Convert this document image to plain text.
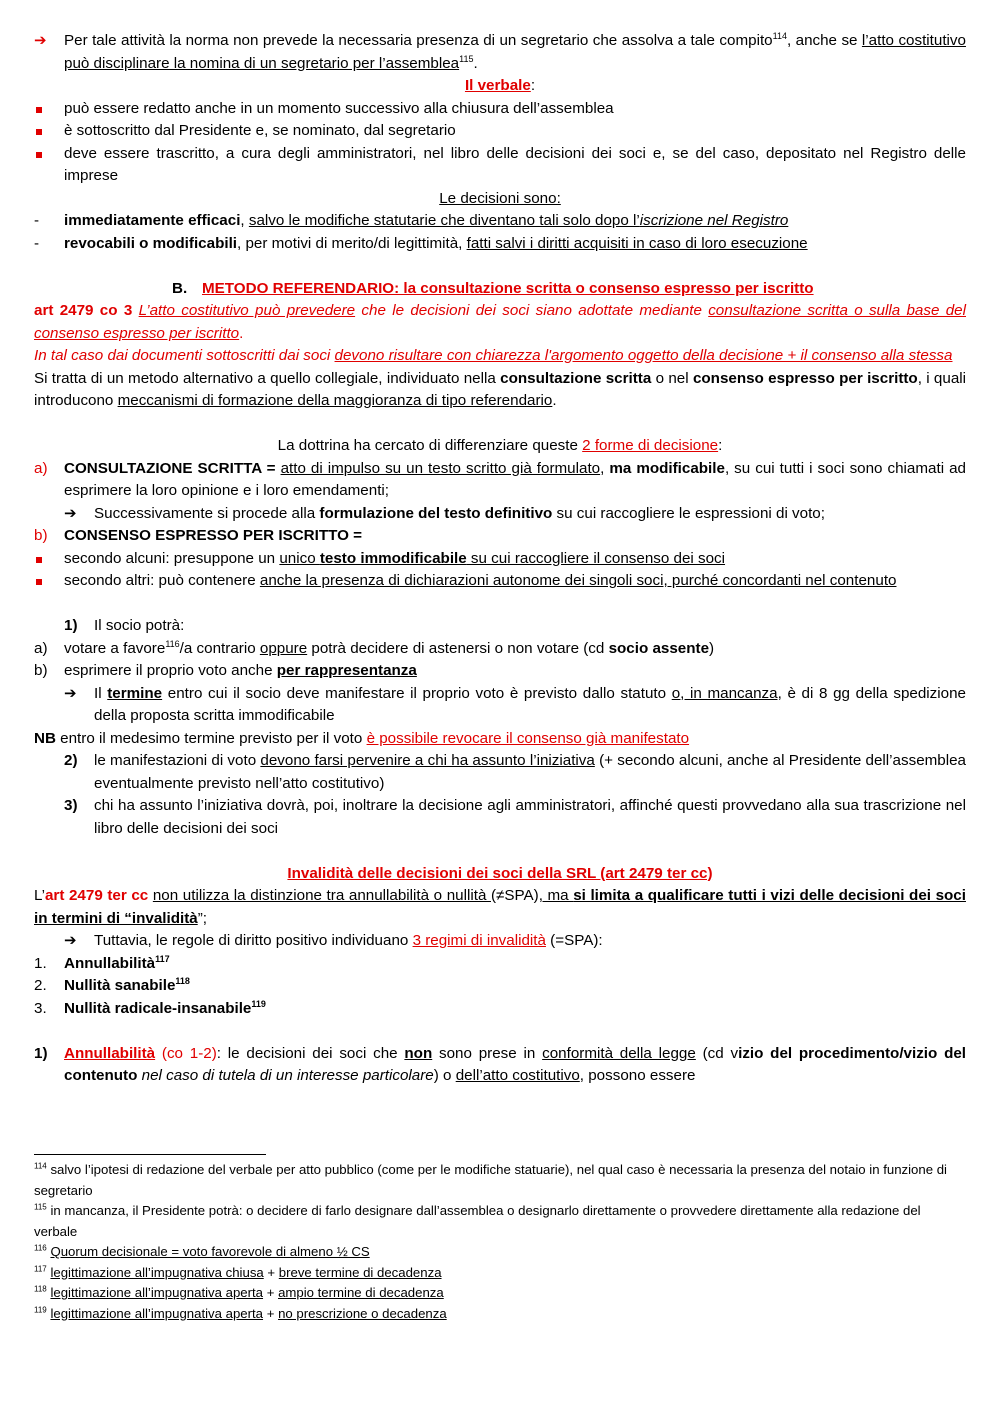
➔	Per tale attività la norma non prevede la necessaria presenza di un segretario che assolva a tale compito$^{114}$, anche se l’atto costitutivo può disciplinare la nomina di un segretario per l’assemblea$^{115}$.
Il verbale:
può essere redatto anche in un momento successivo alla chiusura dell’assemblea
è sottoscritto dal Presidente e, se nominato, dal segretario
deve essere trascritto, a cura degli amministratori, nel libro delle decisioni dei soci e, se del caso, depositato nel Registro delle imprese
Le decisioni sono:
-	immediatamente efficaci, salvo le modifiche statutarie che diventano tali solo dopo l’iscrizione nel Registro
-	revocabili o modificabili, per motivi di merito/di legittimità, fatti salvi i diritti acquisiti in caso di loro esecuzione
B. METODO REFERENDARIO: la consultazione scritta o consenso espresso per iscritto
art 2479 co 3 L’atto costitutivo può prevedere che le decisioni dei soci siano adottate mediante consultazione scritta o sulla base del consenso espresso per iscritto.
In tal caso dai documenti sottoscritti dai soci devono risultare con chiarezza l'argomento oggetto della decisione + il consenso alla stessa
Si tratta di un metodo alternativo a quello collegiale, individuato nella consultazione scritta o nel consenso espresso per iscritto, i quali introducono meccanismi di formazione della maggioranza di tipo referendario.
La dottrina ha cercato di differenziare queste 2 forme di decisione:
a)	CONSULTAZIONE SCRITTA = atto di impulso su un testo scritto già formulato, ma modificabile, su cui tutti i soci sono chiamati ad esprimere la loro opinione e i loro emendamenti;
➔	Successivamente si procede alla formulazione del testo definitivo su cui raccogliere le espressioni di voto;
b)	CONSENSO ESPRESSO PER ISCRITTO =
secondo alcuni: presuppone un unico testo immodificabile su cui raccogliere il consenso dei soci
secondo altri: può contenere anche la presenza di dichiarazioni autonome dei singoli soci, purché concordanti nel contenuto
1)	Il socio potrà:
a)	votare a favore$^{116}$/a contrario oppure potrà decidere di astenersi o non votare (cd socio assente)
b)	esprimere il proprio voto anche per rappresentanza
➔	Il termine entro cui il socio deve manifestare il proprio voto è previsto dallo statuto o, in mancanza, è di 8 gg della spedizione della proposta scritta immodificabile
NB entro il medesimo termine previsto per il voto è possibile revocare il consenso già manifestato
2)	le manifestazioni di voto devono farsi pervenire a chi ha assunto l’iniziativa (+ secondo alcuni, anche al Presidente dell’assemblea eventualmente previsto nell’atto costitutivo)
3)	chi ha assunto l’iniziativa dovrà, poi, inoltrare la decisione agli amministratori, affinché questi provvedano alla sua trascrizione nel libro delle decisioni dei soci
Invalidità delle decisioni dei soci della SRL (art 2479 ter cc)
L’art 2479 ter cc non utilizza la distinzione tra annullabilità o nullità (≠SPA), ma si limita a qualificare tutti i vizi delle decisioni dei soci in termini di “invalidità”;
➔	Tuttavia, le regole di diritto positivo individuano 3 regimi di invalidità (=SPA):
1.	Annullabilità$^{117}$
2.	Nullità sanabile$^{118}$
3.	Nullità radicale-insanabile$^{119}$
1)	Annullabilità (co 1-2): le decisioni dei soci che non sono prese in conformità della legge (cd vizio del procedimento/vizio del contenuto nel caso di tutela di un interesse particolare) o dell’atto costitutivo, possono essere
$^{114}$ salvo l’ipotesi di redazione del verbale per atto pubblico (come per le modifiche statuarie), nel qual caso è necessaria la presenza del notaio in funzione di segretario
$^{115}$ in mancanza, il Presidente potrà: o decidere di farlo designare dall’assemblea o designarlo direttamente o provvedere direttamente alla redazione del verbale
$^{116}$ Quorum decisionale = voto favorevole di almeno ½ CS
$^{117}$ legittimazione all’impugnativa chiusa + breve termine di decadenza
$^{118}$ legittimazione all’impugnativa aperta + ampio termine di decadenza
$^{119}$ legittimazione all’impugnativa aperta + no prescrizione o decadenza
